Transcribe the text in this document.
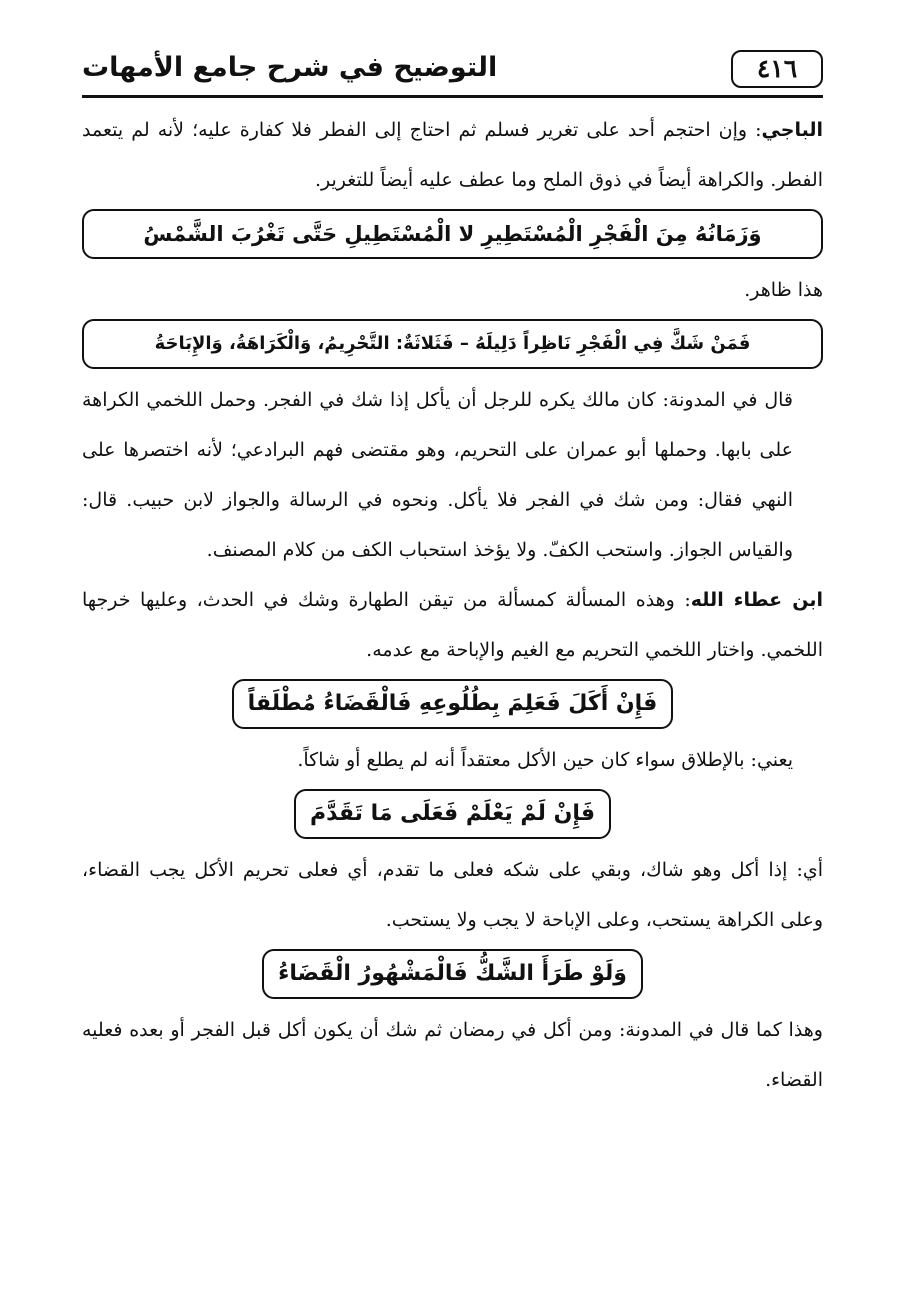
٤١٦
التوضيح في شرح جامع الأمهات

الباجي: وإن احتجم أحد على تغرير فسلم ثم احتاج إلى الفطر فلا كفارة عليه؛ لأنه لم يتعمد الفطر. والكراهة أيضاً في ذوق الملح وما عطف عليه أيضاً للتغرير.

وَزَمَانُهُ مِنَ الْفَجْرِ الْمُسْتَطِيرِ لا الْمُسْتَطِيلِ حَتَّى تَغْرُبَ الشَّمْسُ

هذا ظاهر.

فَمَنْ شَكَّ فِي الْفَجْرِ نَاظِراً دَلِيلَهُ – فَثَلاثَةٌ: التَّحْرِيمُ، وَالْكَرَاهَةُ، وَالإِبَاحَةُ

قال في المدونة: كان مالك يكره للرجل أن يأكل إذا شك في الفجر. وحمل اللخمي الكراهة على بابها. وحملها أبو عمران على التحريم، وهو مقتضى فهم البرادعي؛ لأنه اختصرها على النهي فقال: ومن شك في الفجر فلا يأكل. ونحوه في الرسالة والجواز لابن حبيب. قال: والقياس الجواز. واستحب الكفّ. ولا يؤخذ استحباب الكف من كلام المصنف.

ابن عطاء الله: وهذه المسألة كمسألة من تيقن الطهارة وشك في الحدث، وعليها خرجها اللخمي. واختار اللخمي التحريم مع الغيم والإباحة مع عدمه.

فَإِنْ أَكَلَ فَعَلِمَ بِطُلُوعِهِ فَالْقَضَاءُ مُطْلَقاً

يعني: بالإطلاق سواء كان حين الأكل معتقداً أنه لم يطلع أو شاكاً.

فَإِنْ لَمْ يَعْلَمْ فَعَلَى مَا تَقَدَّمَ

أي: إذا أكل وهو شاك، وبقي على شكه فعلى ما تقدم، أي فعلى تحريم الأكل يجب القضاء، وعلى الكراهة يستحب، وعلى الإباحة لا يجب ولا يستحب.

وَلَوْ طَرَأَ الشَّكُّ فَالْمَشْهُورُ الْقَضَاءُ

وهذا كما قال في المدونة: ومن أكل في رمضان ثم شك أن يكون أكل قبل الفجر أو بعده فعليه القضاء.
